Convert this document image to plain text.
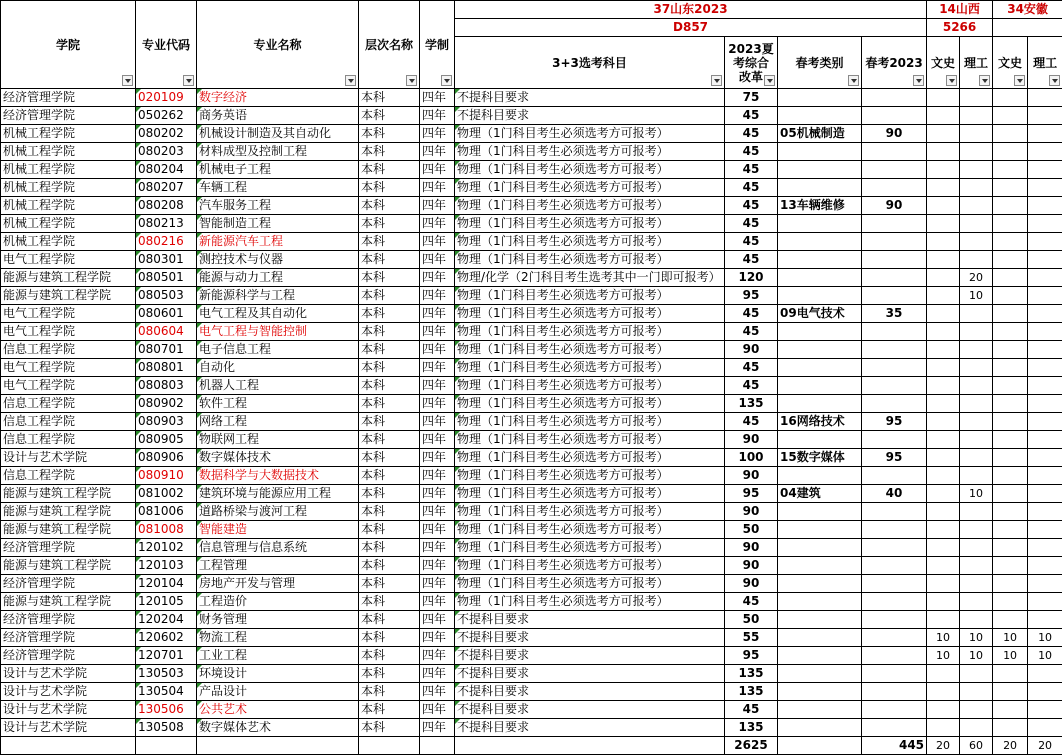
学院	专业代码	专业名称	层次名称	学制	37山东2023				14山西		34安徽	
					D857				5266			

					3+3选考科目	2023夏
考综合
改革	春考类别	春考2023	文史	理工	文史	理工

经济管理学院	020109	数字经济	本科	四年	不提科目要求	75						
经济管理学院	050262	商务英语	本科	四年	不提科目要求	45						
机械工程学院	080202	机械设计制造及其自动化	本科	四年	物理（1门科目考生必须选考方可报考）	45	05机械制造	90				
机械工程学院	080203	材料成型及控制工程	本科	四年	物理（1门科目考生必须选考方可报考）	45						
机械工程学院	080204	机械电子工程	本科	四年	物理（1门科目考生必须选考方可报考）	45						
机械工程学院	080207	车辆工程	本科	四年	物理（1门科目考生必须选考方可报考）	45						
机械工程学院	080208	汽车服务工程	本科	四年	物理（1门科目考生必须选考方可报考）	45	13车辆维修	90				
机械工程学院	080213	智能制造工程	本科	四年	物理（1门科目考生必须选考方可报考）	45						
机械工程学院	080216	新能源汽车工程	本科	四年	物理（1门科目考生必须选考方可报考）	45						
电气工程学院	080301	测控技术与仪器	本科	四年	物理（1门科目考生必须选考方可报考）	45						
能源与建筑工程学院	080501	能源与动力工程	本科	四年	物理/化学（2门科目考生选考其中一门即可报考）	120				20		
能源与建筑工程学院	080503	新能源科学与工程	本科	四年	物理（1门科目考生必须选考方可报考）	95				10		
电气工程学院	080601	电气工程及其自动化	本科	四年	物理（1门科目考生必须选考方可报考）	45	09电气技术	35				
电气工程学院	080604	电气工程与智能控制	本科	四年	物理（1门科目考生必须选考方可报考）	45						
信息工程学院	080701	电子信息工程	本科	四年	物理（1门科目考生必须选考方可报考）	90						
电气工程学院	080801	自动化	本科	四年	物理（1门科目考生必须选考方可报考）	45						
电气工程学院	080803	机器人工程	本科	四年	物理（1门科目考生必须选考方可报考）	45						
信息工程学院	080902	软件工程	本科	四年	物理（1门科目考生必须选考方可报考）	135						
信息工程学院	080903	网络工程	本科	四年	物理（1门科目考生必须选考方可报考）	45	16网络技术	95				
信息工程学院	080905	物联网工程	本科	四年	物理（1门科目考生必须选考方可报考）	90						
设计与艺术学院	080906	数字媒体技术	本科	四年	物理（1门科目考生必须选考方可报考）	100	15数字媒体	95				
信息工程学院	080910	数据科学与大数据技术	本科	四年	物理（1门科目考生必须选考方可报考）	90						
能源与建筑工程学院	081002	建筑环境与能源应用工程	本科	四年	物理（1门科目考生必须选考方可报考）	95	04建筑	40		10		
能源与建筑工程学院	081006	道路桥梁与渡河工程	本科	四年	物理（1门科目考生必须选考方可报考）	90						
能源与建筑工程学院	081008	智能建造	本科	四年	物理（1门科目考生必须选考方可报考）	50						
经济管理学院	120102	信息管理与信息系统	本科	四年	物理（1门科目考生必须选考方可报考）	90						
能源与建筑工程学院	120103	工程管理	本科	四年	物理（1门科目考生必须选考方可报考）	90						
经济管理学院	120104	房地产开发与管理	本科	四年	物理（1门科目考生必须选考方可报考）	90						
能源与建筑工程学院	120105	工程造价	本科	四年	物理（1门科目考生必须选考方可报考）	45						
经济管理学院	120204	财务管理	本科	四年	不提科目要求	50						
经济管理学院	120602	物流工程	本科	四年	不提科目要求	55			10	10	10	10
经济管理学院	120701	工业工程	本科	四年	不提科目要求	95			10	10	10	10
设计与艺术学院	130503	环境设计	本科	四年	不提科目要求	135						
设计与艺术学院	130504	产品设计	本科	四年	不提科目要求	135						
设计与艺术学院	130506	公共艺术	本科	四年	不提科目要求	45						
设计与艺术学院	130508	数字媒体艺术	本科	四年	不提科目要求	135						
						2625		445	20	60	20	20
